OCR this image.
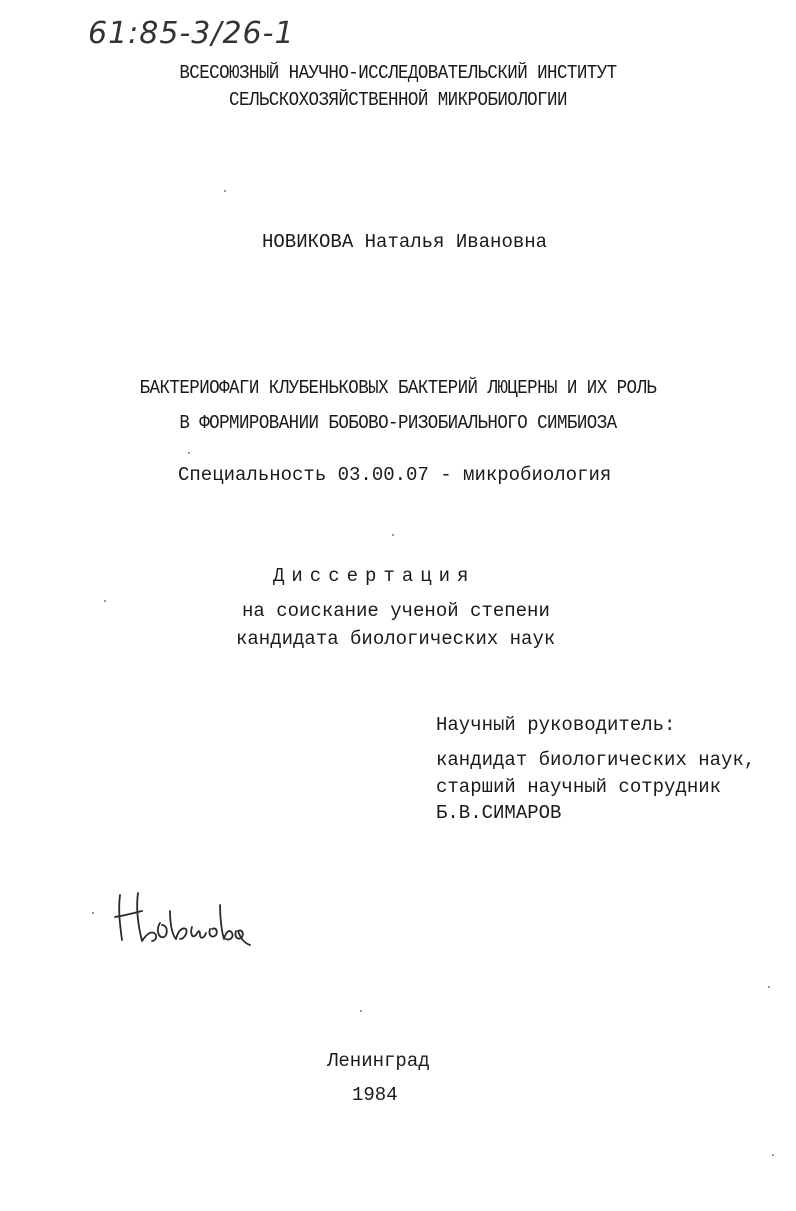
61:85-3/26-1
ВСЕСОЮЗНЫЙ НАУЧНО-ИССЛЕДОВАТЕЛЬСКИЙ ИНСТИТУТ
СЕЛЬСКОХОЗЯЙСТВЕННОЙ МИКРОБИОЛОГИИ
НОВИКОВА Наталья Ивановна
БАКТЕРИОФАГИ КЛУБЕНЬКОВЫХ БАКТЕРИЙ ЛЮЦЕРНЫ И ИХ РОЛЬ
В ФОРМИРОВАНИИ БОБОВО-РИЗОБИАЛЬНОГО СИМБИОЗА
Специальность 03.00.07 - микробиология
Диссертация
на соискание ученой степени
кандидата биологических наук
Научный руководитель:
кандидат биологических наук,
старший научный сотрудник
Б.В.СИМАРОВ
Ленинград
1984
